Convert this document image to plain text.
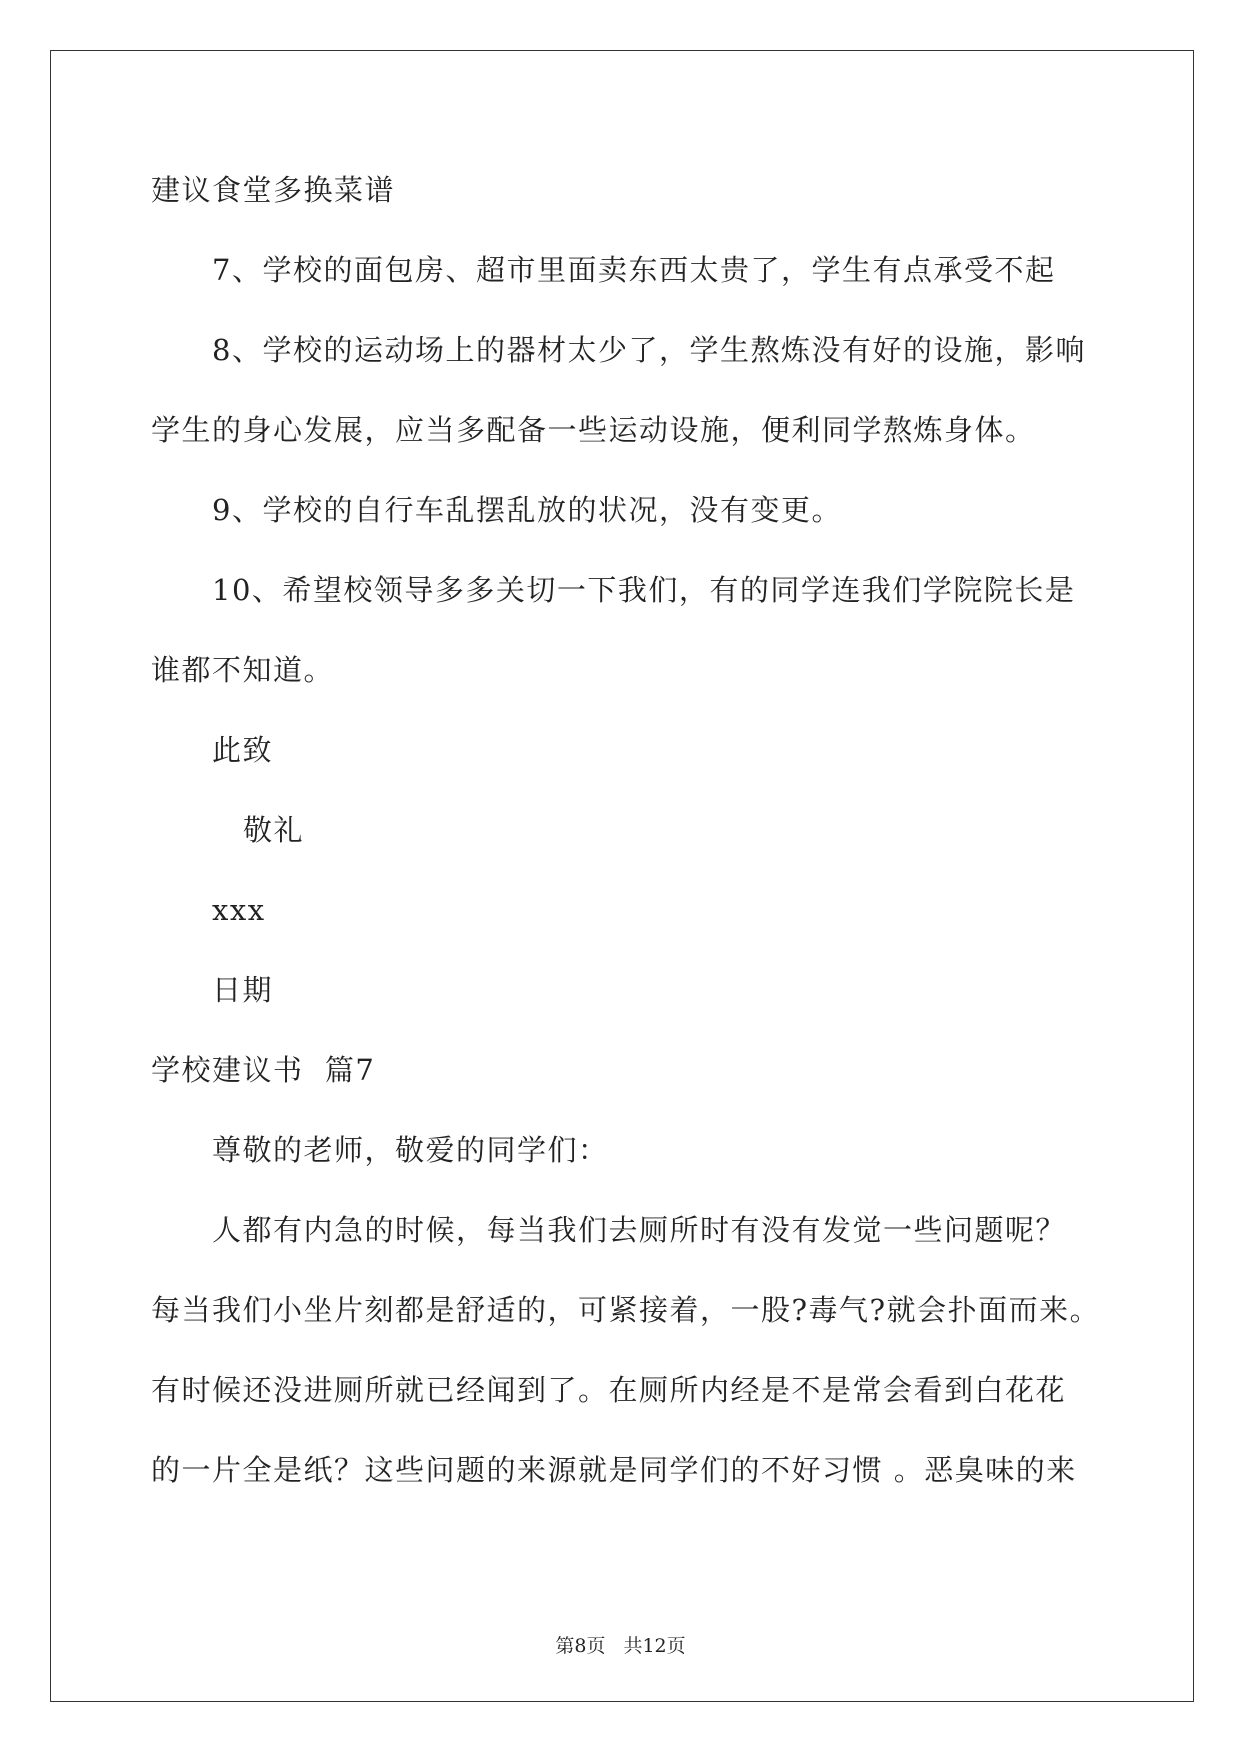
建议食堂多换菜谱
7、学校的面包房、超市里面卖东西太贵了，学生有点承受不起
8、学校的运动场上的器材太少了，学生熬炼没有好的设施，影响
学生的身心发展，应当多配备一些运动设施，便利同学熬炼身体。
9、学校的自行车乱摆乱放的状况，没有变更。
10、希望校领导多多关切一下我们，有的同学连我们学院院长是
谁都不知道。
此致
敬礼
xxx
日期
学校建议书  篇7
尊敬的老师，敬爱的同学们：
人都有内急的时候，每当我们去厕所时有没有发觉一些问题呢？
每当我们小坐片刻都是舒适的，可紧接着，一股?毒气?就会扑面而来。
有时候还没进厕所就已经闻到了。在厕所内经是不是常会看到白花花
的一片全是纸？这些问题的来源就是同学们的不好习惯 。恶臭味的来
第8页 共12页
